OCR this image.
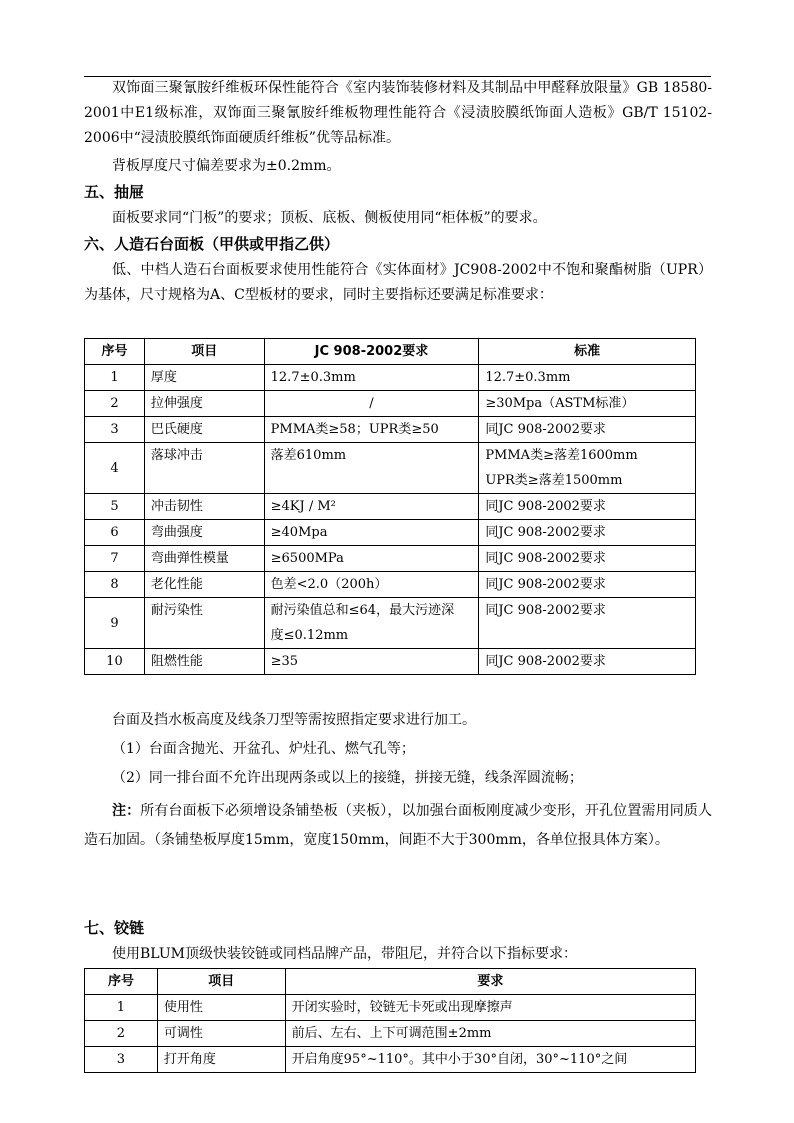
双饰面三聚氰胺纤维板环保性能符合《室内装饰装修材料及其制品中甲醛释放限量》GB 18580-2001中E1级标准，双饰面三聚氰胺纤维板物理性能符合《浸渍胶膜纸饰面人造板》GB/T 15102-2006中“浸渍胶膜纸饰面硬质纤维板”优等品标准。

背板厚度尺寸偏差要求为±0.2mm。

五、抽屉

面板要求同“门板”的要求；顶板、底板、侧板使用同“柜体板”的要求。

六、人造石台面板（甲供或甲指乙供）

低、中档人造石台面板要求使用性能符合《实体面材》JC908-2002中不饱和聚酯树脂（UPR）为基体，尺寸规格为A、C型板材的要求，同时主要指标还要满足标准要求：

序号	项目	JC 908-2002要求	标准
1	厚度	12.7±0.3mm	12.7±0.3mm
2	拉伸强度	/	≥30Mpa（ASTM标准）
3	巴氏硬度	PMMA类≥58；UPR类≥50	同JC 908-2002要求
4	落球冲击	落差610mm	PMMA类≥落差1600mm
UPR类≥落差1500mm

5	冲击韧性	≥4KJ / M²	同JC 908-2002要求
6	弯曲强度	≥40Mpa	同JC 908-2002要求
7	弯曲弹性模量	≥6500MPa	同JC 908-2002要求
8	老化性能	色差<2.0（200h）	同JC 908-2002要求
9	耐污染性	耐污染值总和≤64，最大污迹深
度≤0.12mm	同JC 908-2002要求
10	阻燃性能	≥35	同JC 908-2002要求

台面及挡水板高度及线条刀型等需按照指定要求进行加工。

（1）台面含抛光、开盆孔、炉灶孔、燃气孔等；

（2）同一排台面不允许出现两条或以上的接缝，拼接无缝，线条浑圆流畅；

注：所有台面板下必须增设条铺垫板（夹板），以加强台面板刚度减少变形，开孔位置需用同质人造石加固。（条铺垫板厚度15mm，宽度150mm，间距不大于300mm，各单位报具体方案）。

七、铰链

使用BLUM顶级快装铰链或同档品牌产品，带阻尼，并符合以下指标要求：

序号	项目	要求
1	使用性	开闭实验时，铰链无卡死或出现摩擦声
2	可调性	前后、左右、上下可调范围±2mm
3	打开角度	开启角度95°~110°。其中小于30°自闭，30°~110°之间
